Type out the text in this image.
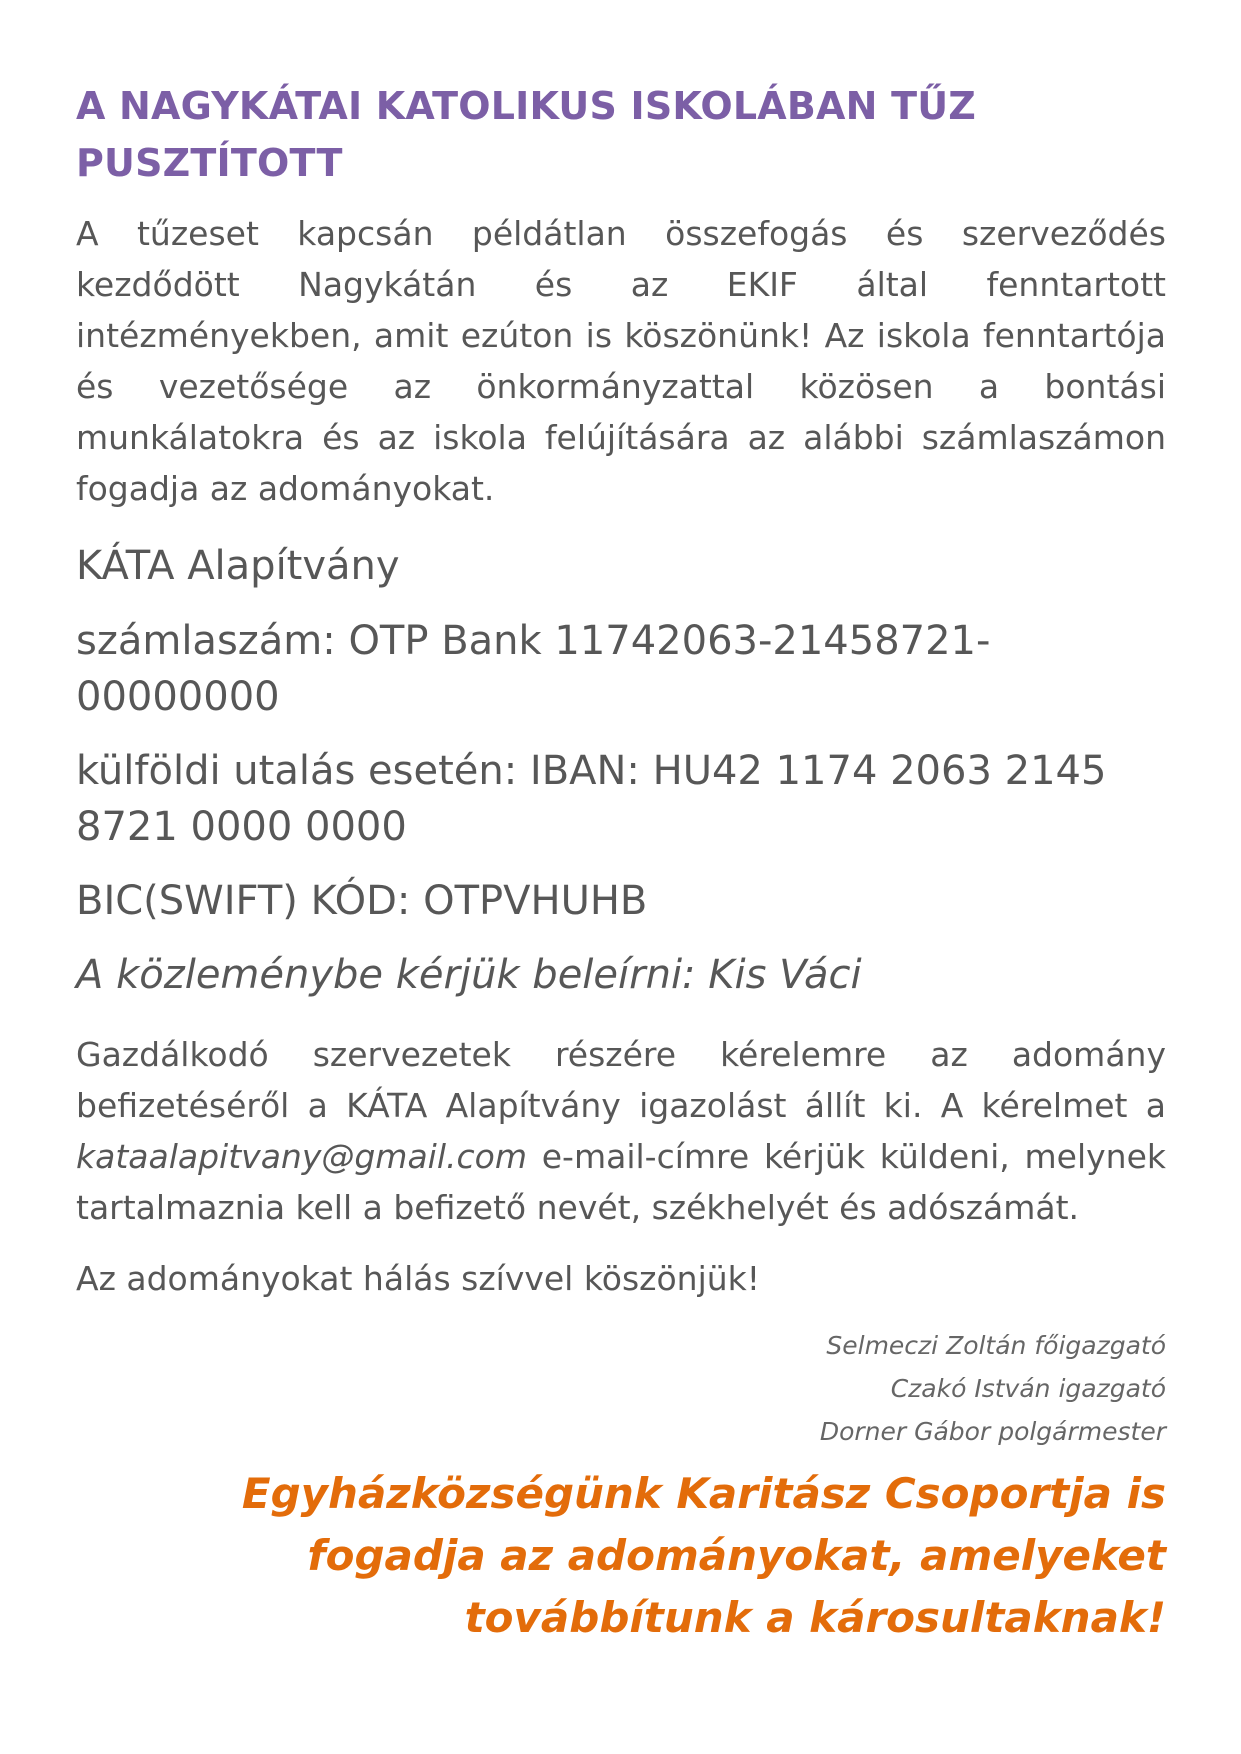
A NAGYKÁTAI KATOLIKUS ISKOLÁBAN TŰZ PUSZTÍTOTT

A tűzeset kapcsán példátlan összefogás és szerveződés kezdődött Nagykátán és az EKIF által fenntartott intézményekben, amit ezúton is köszönünk! Az iskola fenntartója és vezetősége az önkormányzattal közösen a bontási munkálatokra és az iskola felújítására az alábbi számlaszámon fogadja az adományokat.

KÁTA Alapítvány

számlaszám: OTP Bank 11742063-21458721-00000000

külföldi utalás esetén: IBAN: HU42 1174 2063 2145 8721 0000 0000

BIC(SWIFT) KÓD: OTPVHUHB

A közleménybe kérjük beleírni: Kis Váci

Gazdálkodó szervezetek részére kérelemre az adomány befizetéséről a KÁTA Alapítvány igazolást állít ki. A kérelmet a kataalapitvany@gmail.com e-mail-címre kérjük küldeni, melynek tartalmaznia kell a befizető nevét, székhelyét és adószámát.

Az adományokat hálás szívvel köszönjük!

Selmeczi Zoltán főigazgató
Czakó István igazgató
Dorner Gábor polgármester

Egyházközségünk Karitász Csoportja is fogadja az adományokat, amelyeket továbbítunk a károsultaknak!
